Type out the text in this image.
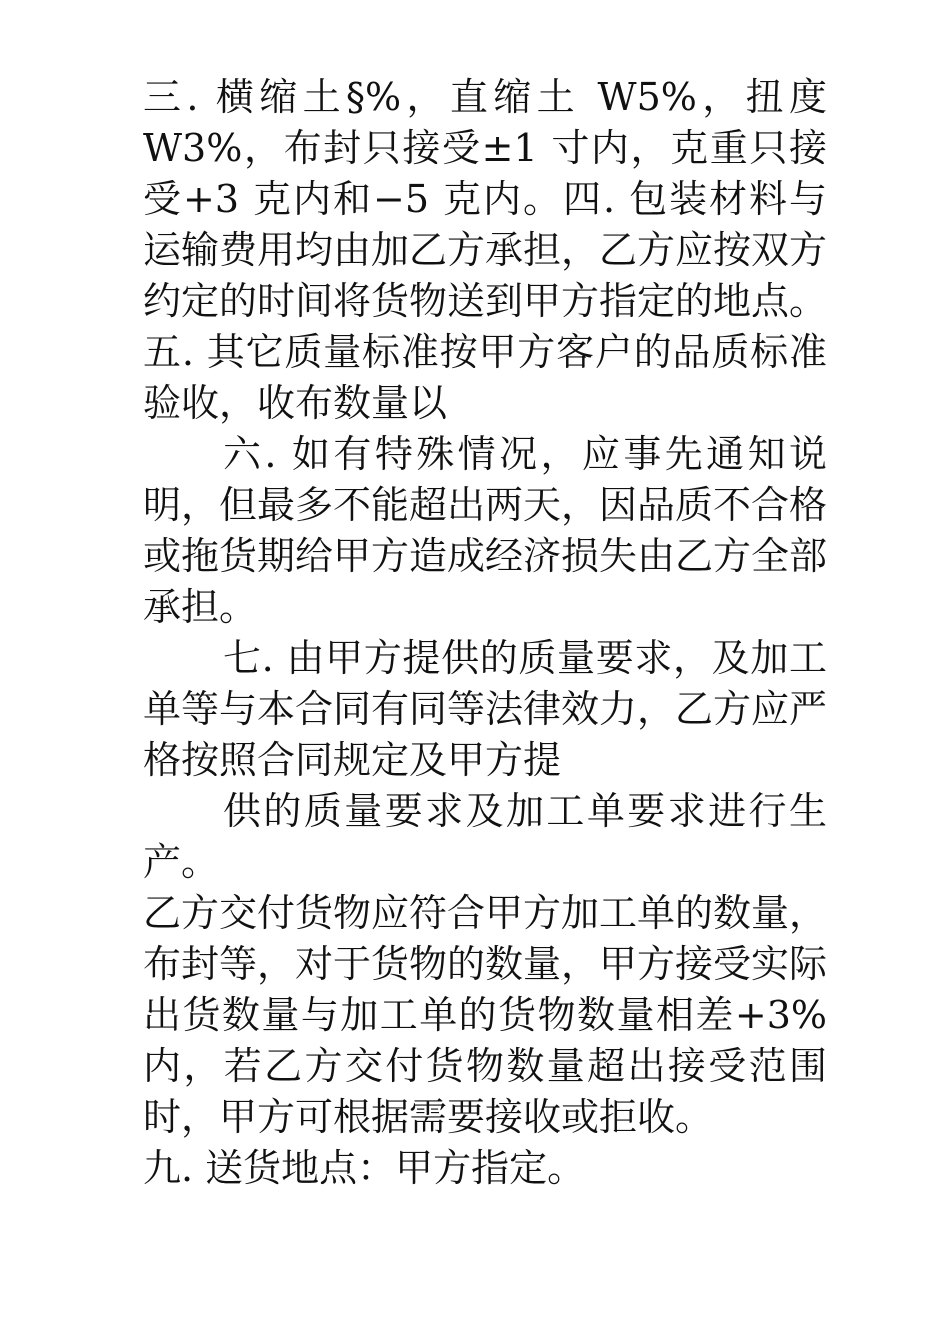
三. 横缩土§%，直缩土 W5%，扭度 W3%，布封只接受±1 寸内，克重只接受+3 克内和−5 克内。四. 包装材料与运输费用均由加乙方承担，乙方应按双方约定的时间将货物送到甲方指定的地点。

五. 其它质量标准按甲方客户的品质标准验收，收布数量以

六. 如有特殊情况，应事先通知说明，但最多不能超出两天，因品质不合格或拖货期给甲方造成经济损失由乙方全部承担。

七. 由甲方提供的质量要求，及加工单等与本合同有同等法律效力，乙方应严格按照合同规定及甲方提

供的质量要求及加工单要求进行生产。

乙方交付货物应符合甲方加工单的数量，布封等，对于货物的数量，甲方接受实际出货数量与加工单的货物数量相差+3%内，若乙方交付货物数量超出接受范围时，甲方可根据需要接收或拒收。

九. 送货地点：甲方指定。
